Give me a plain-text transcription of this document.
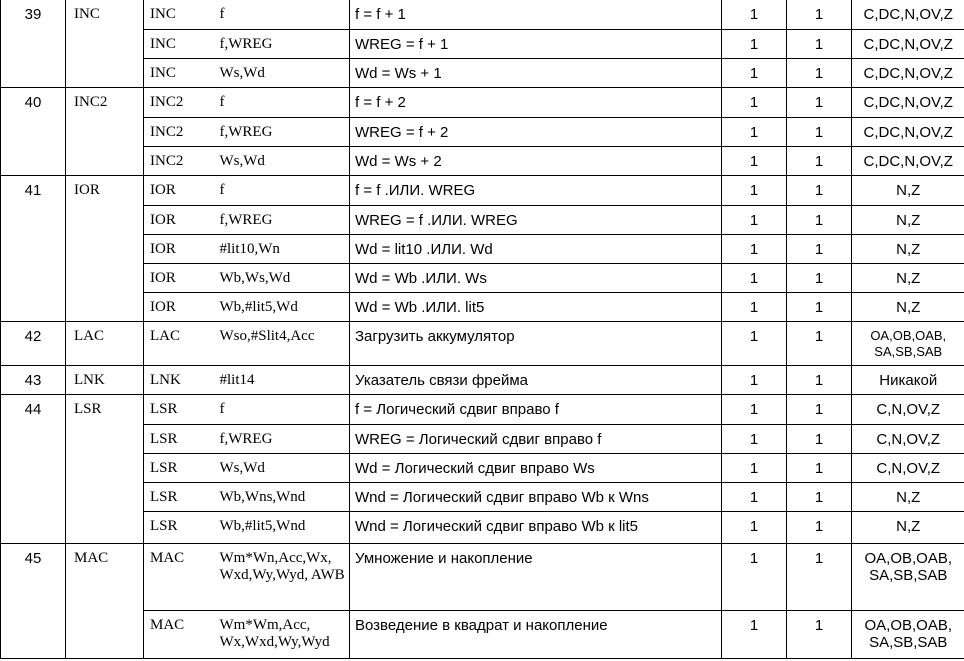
39	INC	INC	f	f = f + 1	1	1	C,DC,N,OV,Z
		INC	f,WREG	WREG = f + 1	1	1	C,DC,N,OV,Z
		INC	Ws,Wd	Wd = Ws + 1	1	1	C,DC,N,OV,Z
40	INC2	INC2	f	f = f + 2	1	1	C,DC,N,OV,Z
		INC2	f,WREG	WREG = f + 2	1	1	C,DC,N,OV,Z
		INC2	Ws,Wd	Wd = Ws + 2	1	1	C,DC,N,OV,Z
41	IOR	IOR	f	f = f .ИЛИ. WREG	1	1	N,Z
		IOR	f,WREG	WREG = f .ИЛИ. WREG	1	1	N,Z
		IOR	#lit10,Wn	Wd = lit10 .ИЛИ. Wd	1	1	N,Z
		IOR	Wb,Ws,Wd	Wd = Wb .ИЛИ. Ws	1	1	N,Z
		IOR	Wb,#lit5,Wd	Wd = Wb .ИЛИ. lit5	1	1	N,Z
42	LAC	LAC	Wso,#Slit4,Acc	Загрузить аккумулятор	1	1	OA,OB,OAB, SA,SB,SAB
43	LNK	LNK	#lit14	Указатель связи фрейма	1	1	Никакой
44	LSR	LSR	f	f = Логический сдвиг вправо f	1	1	C,N,OV,Z
		LSR	f,WREG	WREG = Логический сдвиг вправо f	1	1	C,N,OV,Z
		LSR	Ws,Wd	Wd = Логический сдвиг вправо Ws	1	1	C,N,OV,Z
		LSR	Wb,Wns,Wnd	Wnd = Логический сдвиг вправо Wb к Wns	1	1	N,Z
		LSR	Wb,#lit5,Wnd	Wnd = Логический сдвиг вправо Wb к lit5	1	1	N,Z
45	MAC	MAC	Wm*Wn,Acc,Wx, Wxd,Wy,Wyd, AWB	Умножение и накопление	1	1	OA,OB,OAB, SA,SB,SAB
		MAC	Wm*Wm,Acc, Wx,Wxd,Wy,Wyd	Возведение в квадрат и накопление	1	1	OA,OB,OAB, SA,SB,SAB
